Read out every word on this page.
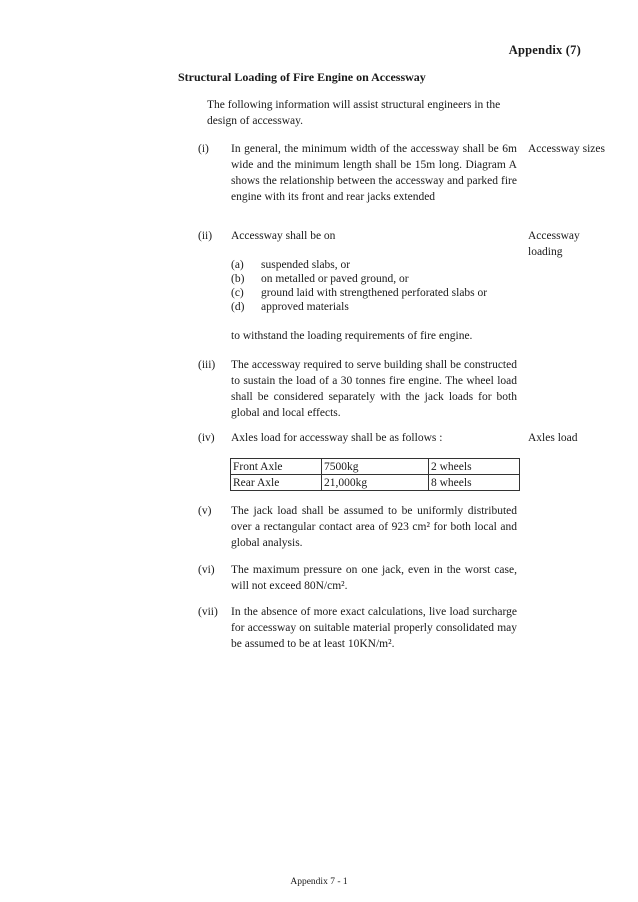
Appendix (7)
Structural Loading of Fire Engine on Accessway
The following information will assist structural engineers in the design of accessway.
(i)	In general, the minimum width of the accessway shall be 6m wide and the minimum length shall be 15m long. Diagram A shows the relationship between the accessway and parked fire engine with its front and rear jacks extended
Accessway sizes
(ii)	Accessway shall be on	Accessway loading
(a) suspended slabs, or
(b) on metalled or paved ground, or
(c) ground laid with strengthened perforated slabs or
(d) approved materials
to withstand the loading requirements of fire engine.
(iii)	The accessway required to serve building shall be constructed to sustain the load of a 30 tonnes fire engine. The wheel load shall be considered separately with the jack loads for both global and local effects.
(iv)	Axles load for accessway shall be as follows :	Axles load
Front Axle	7500kg	2 wheels
Rear Axle	21,000kg	8 wheels
(v)	The jack load shall be assumed to be uniformly distributed over a rectangular contact area of 923 cm² for both local and global analysis.
(vi)	The maximum pressure on one jack, even in the worst case, will not exceed 80N/cm².
(vii)	In the absence of more exact calculations, live load surcharge for accessway on suitable material properly consolidated may be assumed to be at least 10KN/m².
Appendix 7 - 1
